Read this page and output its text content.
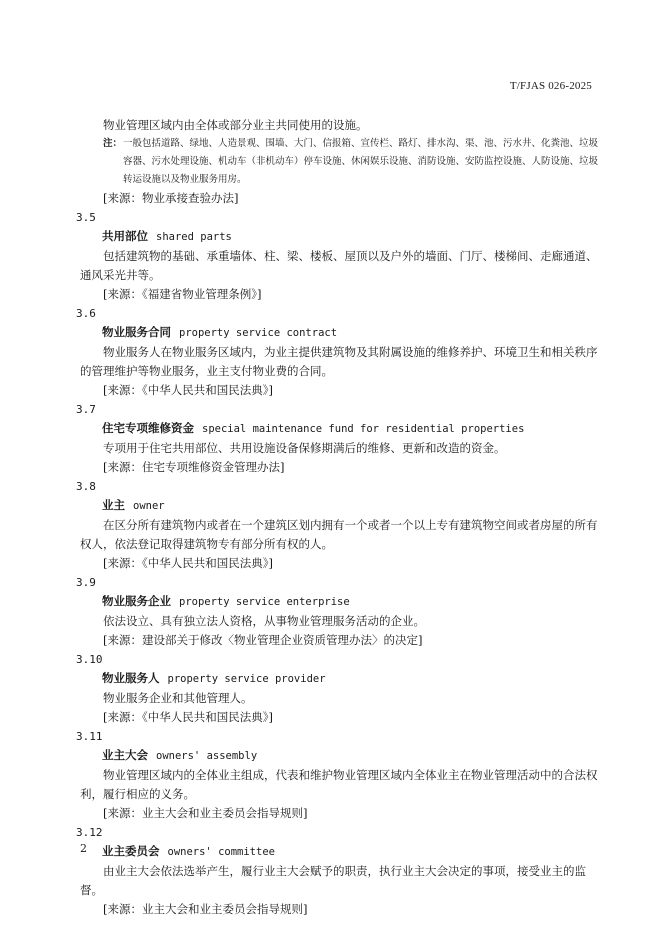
T/FJAS 026-2025

物业管理区域内由全体或部分业主共同使用的设施。

注： 一般包括道路、绿地、人造景观、围墙、大门、信报箱、宣传栏、路灯、排水沟、渠、池、污水井、化粪池、垃圾容器、污水处理设施、机动车（非机动车）停车设施、休闲娱乐设施、消防设施、安防监控设施、人防设施、垃圾转运设施以及物业服务用房。

[来源：物业承接查验办法]

3.5
共用部位 shared parts

包括建筑物的基础、承重墙体、柱、梁、楼板、屋顶以及户外的墙面、门厅、楼梯间、走廊通道、通风采光井等。

[来源：《福建省物业管理条例》]

3.6
物业服务合同 property service contract

物业服务人在物业服务区域内，为业主提供建筑物及其附属设施的维修养护、环境卫生和相关秩序的管理维护等物业服务，业主支付物业费的合同。

[来源：《中华人民共和国民法典》]

3.7
住宅专项维修资金 special maintenance fund for residential properties

专项用于住宅共用部位、共用设施设备保修期满后的维修、更新和改造的资金。

[来源：住宅专项维修资金管理办法]

3.8
业主 owner

在区分所有建筑物内或者在一个建筑区划内拥有一个或者一个以上专有建筑物空间或者房屋的所有权人，依法登记取得建筑物专有部分所有权的人。

[来源：《中华人民共和国民法典》]

3.9
物业服务企业 property service enterprise

依法设立、具有独立法人资格，从事物业管理服务活动的企业。

[来源：建设部关于修改〈物业管理企业资质管理办法〉的决定]

3.10
物业服务人 property service provider

物业服务企业和其他管理人。

[来源：《中华人民共和国民法典》]

3.11
业主大会 owners' assembly

物业管理区域内的全体业主组成，代表和维护物业管理区域内全体业主在物业管理活动中的合法权利，履行相应的义务。

[来源：业主大会和业主委员会指导规则]

3.12
业主委员会 owners' committee

由业主大会依法选举产生，履行业主大会赋予的职责，执行业主大会决定的事项，接受业主的监督。

[来源：业主大会和业主委员会指导规则]

2
